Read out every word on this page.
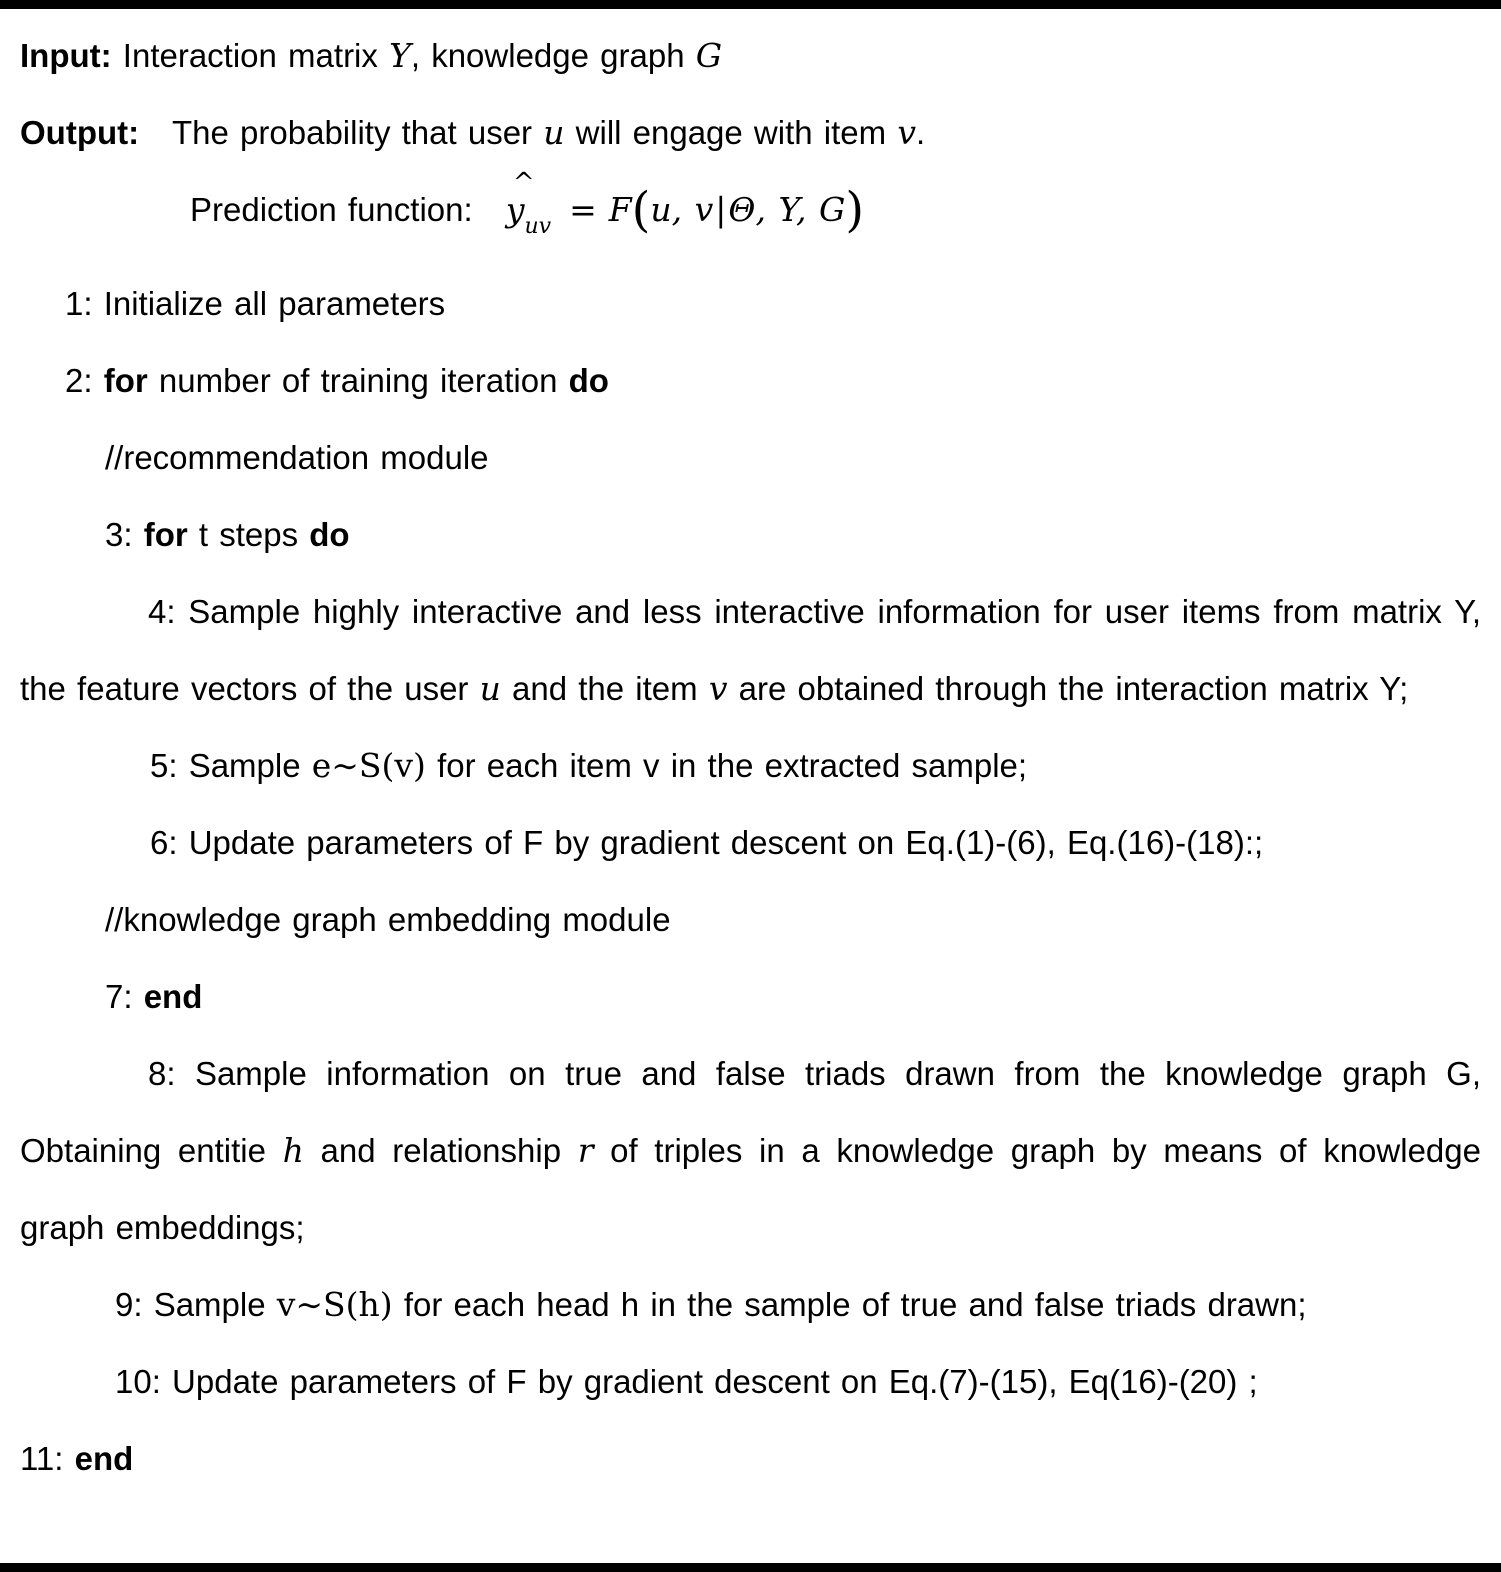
Input: Interaction matrix Y, knowledge graph G
Output:   The probability that user u will engage with item v.
Prediction function:
^
$y_{uv} = F(u$, v|Θ, Y, G)
1: Initialize all parameters
2: for number of training iteration do
//recommendation module
3: for t steps do
4: Sample highly interactive and less interactive information for user items from matrix Y, the feature vectors of the user u and the item v are obtained through the interaction matrix Y;
5: Sample e∼S(v) for each item v in the extracted sample;
6: Update parameters of F by gradient descent on Eq.(1)-(6), Eq.(16)-(18):;
//knowledge graph embedding module
7: end
8: Sample information on true and false triads drawn from the knowledge graph G, Obtaining entitie h and relationship r of triples in a knowledge graph by means of knowledge graph embeddings;
9: Sample v∼S(h) for each head h in the sample of true and false triads drawn;
10: Update parameters of F by gradient descent on Eq.(7)-(15), Eq(16)-(20) ;
11: end
